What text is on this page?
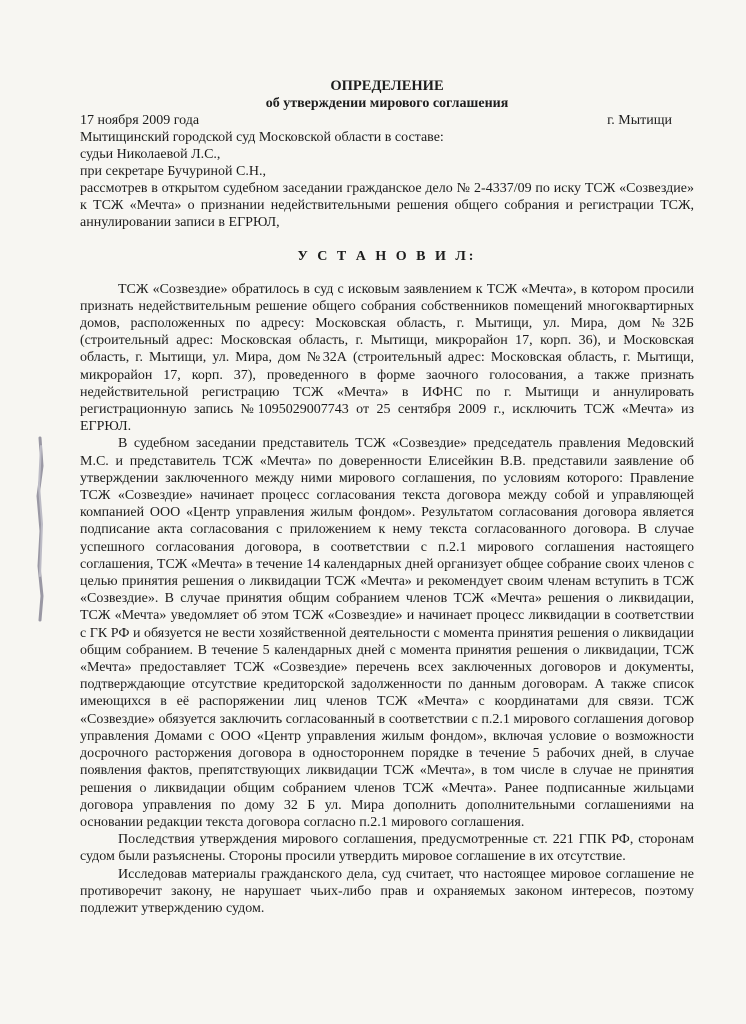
ОПРЕДЕЛЕНИЕ

об утверждении мирового соглашения

17 ноября 2009 года	г. Мытищи

Мытищинский городской суд Московской области в составе:

судьи Николаевой Л.С.,

при секретаре Бучуриной С.Н.,

рассмотрев в открытом судебном заседании гражданское дело № 2-4337/09 по иску ТСЖ «Созвездие» к ТСЖ «Мечта» о признании недействительными решения общего собрания и регистрации ТСЖ, аннулировании записи в ЕГРЮЛ,

У С Т А Н О В И Л:

ТСЖ «Созвездие» обратилось в суд с исковым заявлением к ТСЖ «Мечта», в котором просили признать недействительным решение общего собрания собственников помещений многоквартирных домов, расположенных по адресу: Московская область, г. Мытищи, ул. Мира, дом №32Б (строительный адрес: Московская область, г. Мытищи, микрорайон 17, корп. 36), и Московская область, г. Мытищи, ул. Мира, дом №32А (строительный адрес: Московская область, г. Мытищи, микрорайон 17, корп. 37), проведенного в форме заочного голосования, а также признать недействительной регистрацию ТСЖ «Мечта» в ИФНС по г. Мытищи и аннулировать регистрационную запись №1095029007743 от 25 сентября 2009 г., исключить ТСЖ «Мечта» из ЕГРЮЛ.

В судебном заседании представитель ТСЖ «Созвездие» председатель правления Медовский М.С. и представитель ТСЖ «Мечта» по доверенности Елисейкин В.В. представили заявление об утверждении заключенного между ними мирового соглашения, по условиям которого: Правление ТСЖ «Созвездие» начинает процесс согласования текста договора между собой и управляющей компанией ООО «Центр управления жилым фондом». Результатом согласования договора является подписание акта согласования с приложением к нему текста согласованного договора. В случае успешного согласования договора, в соответствии с п.2.1 мирового соглашения настоящего соглашения, ТСЖ «Мечта» в течение 14 календарных дней организует общее собрание своих членов с целью принятия решения о ликвидации ТСЖ «Мечта» и рекомендует своим членам вступить в ТСЖ «Созвездие». В случае принятия общим собранием членов ТСЖ «Мечта» решения о ликвидации, ТСЖ «Мечта» уведомляет об этом ТСЖ «Созвездие» и начинает процесс ликвидации в соответствии с ГК РФ и обязуется не вести хозяйственной деятельности с момента принятия решения о ликвидации общим собранием. В течение 5 календарных дней с момента принятия решения о ликвидации, ТСЖ «Мечта» предоставляет ТСЖ «Созвездие» перечень всех заключенных договоров и документы, подтверждающие отсутствие кредиторской задолженности по данным договорам. А также список имеющихся в её распоряжении лиц членов ТСЖ «Мечта» с координатами для связи. ТСЖ «Созвездие» обязуется заключить согласованный в соответствии с п.2.1 мирового соглашения договор управления Домами с ООО «Центр управления жилым фондом», включая условие о возможности досрочного расторжения договора в одностороннем порядке в течение 5 рабочих дней, в случае появления фактов, препятствующих ликвидации ТСЖ «Мечта», в том числе в случае не принятия решения о ликвидации общим собранием членов ТСЖ «Мечта». Ранее подписанные жильцами договора управления по дому 32 Б ул. Мира дополнить дополнительными соглашениями на основании редакции текста договора согласно п.2.1 мирового соглашения.

Последствия утверждения мирового соглашения, предусмотренные ст. 221 ГПК РФ, сторонам судом были разъяснены. Стороны просили утвердить мировое соглашение в их отсутствие.

Исследовав материалы гражданского дела, суд считает, что настоящее мировое соглашение не противоречит закону, не нарушает чьих-либо прав и охраняемых законом интересов, поэтому подлежит утверждению судом.
